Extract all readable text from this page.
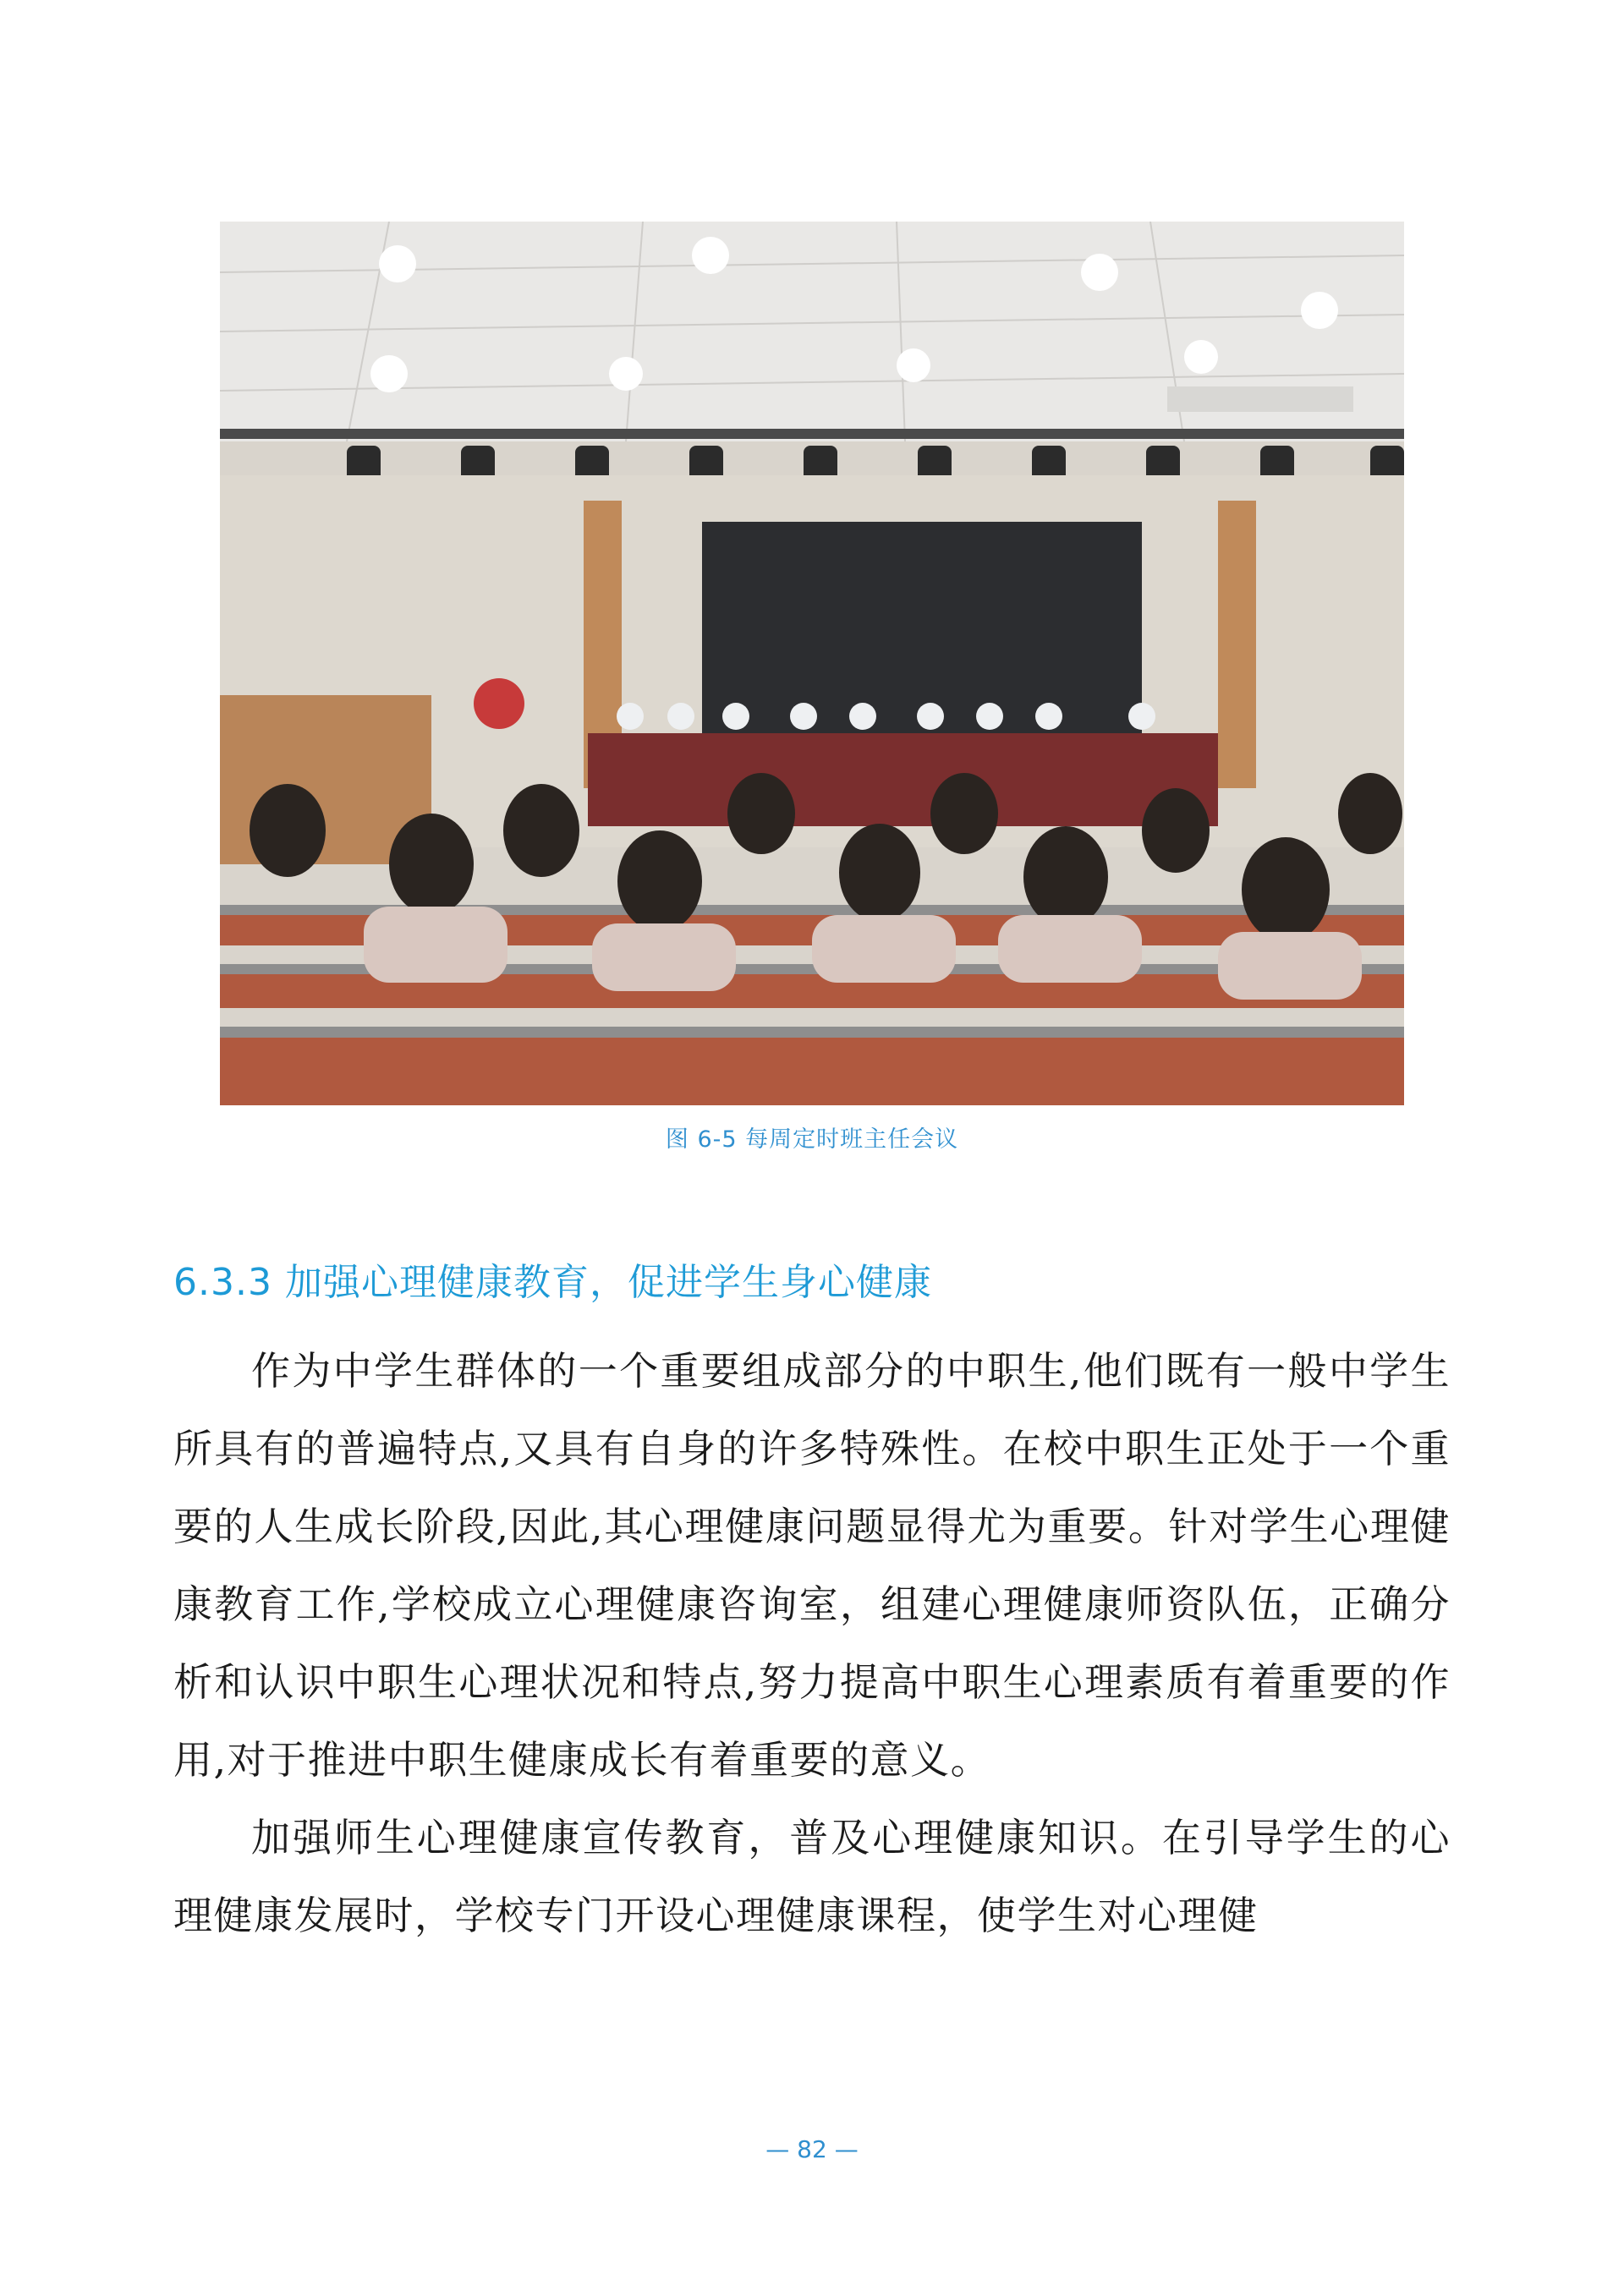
图 6-5 每周定时班主任会议
6.3.3 加强心理健康教育，促进学生身心健康

作为中学生群体的一个重要组成部分的中职生,他们既有一般中学生所具有的普遍特点,又具有自身的许多特殊性。在校中职生正处于一个重要的人生成长阶段,因此,其心理健康问题显得尤为重要。针对学生心理健康教育工作,学校成立心理健康咨询室，组建心理健康师资队伍，正确分析和认识中职生心理状况和特点,努力提高中职生心理素质有着重要的作用,对于推进中职生健康成长有着重要的意义。

加强师生心理健康宣传教育，普及心理健康知识。在引导学生的心理健康发展时，学校专门开设心理健康课程，使学生对心理健

— 82 —
